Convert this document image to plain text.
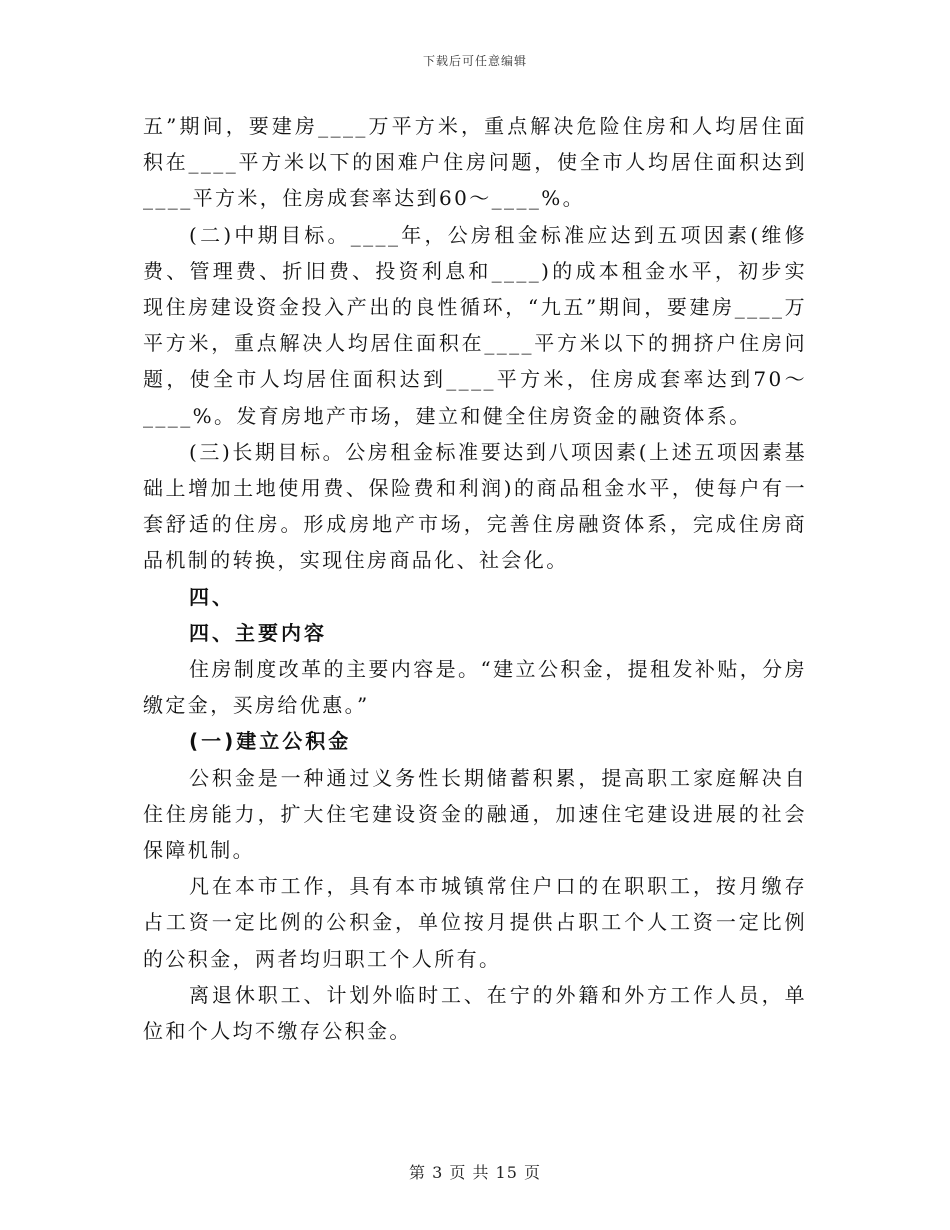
下载后可任意编辑

五”期间，要建房____万平方米，重点解决危险住房和人均居住面积在____平方米以下的困难户住房问题，使全市人均居住面积达到____平方米，住房成套率达到60～____%。

(二)中期目标。____年，公房租金标准应达到五项因素(维修费、管理费、折旧费、投资利息和____)的成本租金水平，初步实现住房建设资金投入产出的良性循环，“九五”期间，要建房____万平方米，重点解决人均居住面积在____平方米以下的拥挤户住房问题，使全市人均居住面积达到____平方米，住房成套率达到70～____%。发育房地产市场，建立和健全住房资金的融资体系。

(三)长期目标。公房租金标准要达到八项因素(上述五项因素基础上增加土地使用费、保险费和利润)的商品租金水平，使每户有一套舒适的住房。形成房地产市场，完善住房融资体系，完成住房商品机制的转换，实现住房商品化、社会化。

四、

四、主要内容

住房制度改革的主要内容是。“建立公积金，提租发补贴，分房缴定金，买房给优惠。”

(一)建立公积金

公积金是一种通过义务性长期储蓄积累，提高职工家庭解决自住住房能力，扩大住宅建设资金的融通，加速住宅建设进展的社会保障机制。

凡在本市工作，具有本市城镇常住户口的在职职工，按月缴存占工资一定比例的公积金，单位按月提供占职工个人工资一定比例的公积金，两者均归职工个人所有。

离退休职工、计划外临时工、在宁的外籍和外方工作人员，单位和个人均不缴存公积金。

第 3 页 共 15 页
